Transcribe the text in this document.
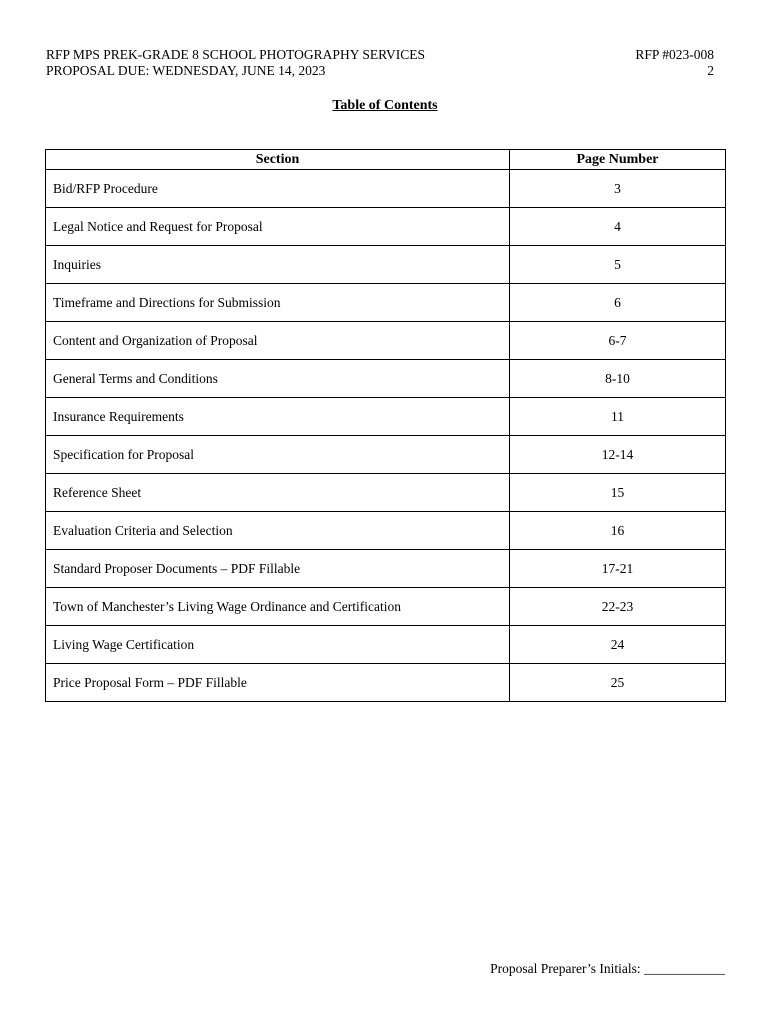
RFP MPS PREK-GRADE 8 SCHOOL PHOTOGRAPHY SERVICES
PROPOSAL DUE: WEDNESDAY, JUNE 14, 2023
RFP #023-008
2
Table of Contents
Section	Page Number
Bid/RFP Procedure	3
Legal Notice and Request for Proposal	4
Inquiries	5
Timeframe and Directions for Submission	6
Content and Organization of Proposal	6-7
General Terms and Conditions	8-10
Insurance Requirements	11
Specification for Proposal	12-14
Reference Sheet	15
Evaluation Criteria and Selection	16
Standard Proposer Documents – PDF Fillable	17-21
Town of Manchester’s Living Wage Ordinance and Certification	22-23
Living Wage Certification	24
Price Proposal Form – PDF Fillable	25
Proposal Preparer’s Initials: ____________
